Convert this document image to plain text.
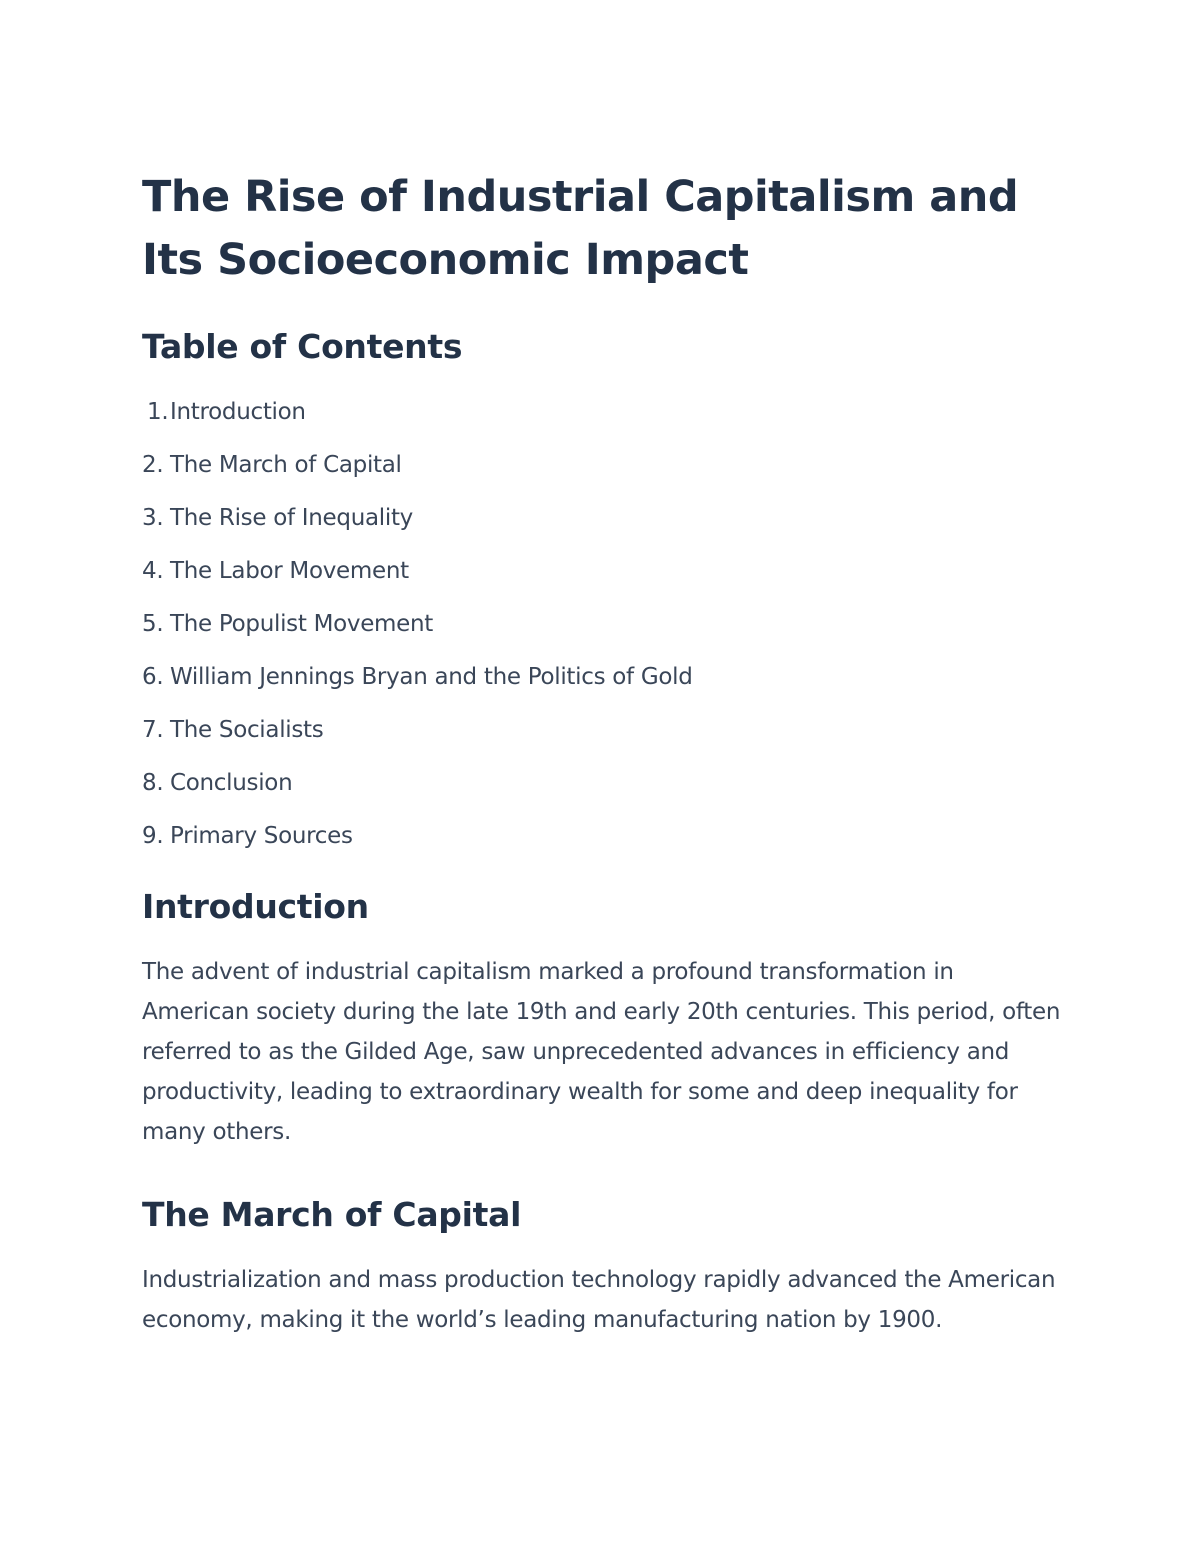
The Rise of Industrial Capitalism and Its Socioeconomic Impact
Table of Contents
1.Introduction
2. The March of Capital
3. The Rise of Inequality
4. The Labor Movement
5. The Populist Movement
6. William Jennings Bryan and the Politics of Gold
7. The Socialists
8. Conclusion
9. Primary Sources
Introduction

The advent of industrial capitalism marked a profound transformation in American society during the late 19th and early 20th centuries. This period, often referred to as the Gilded Age, saw unprecedented advances in efficiency and productivity, leading to extraordinary wealth for some and deep inequality for many others.

The March of Capital

Industrialization and mass production technology rapidly advanced the American economy, making it the world’s leading manufacturing nation by 1900.
